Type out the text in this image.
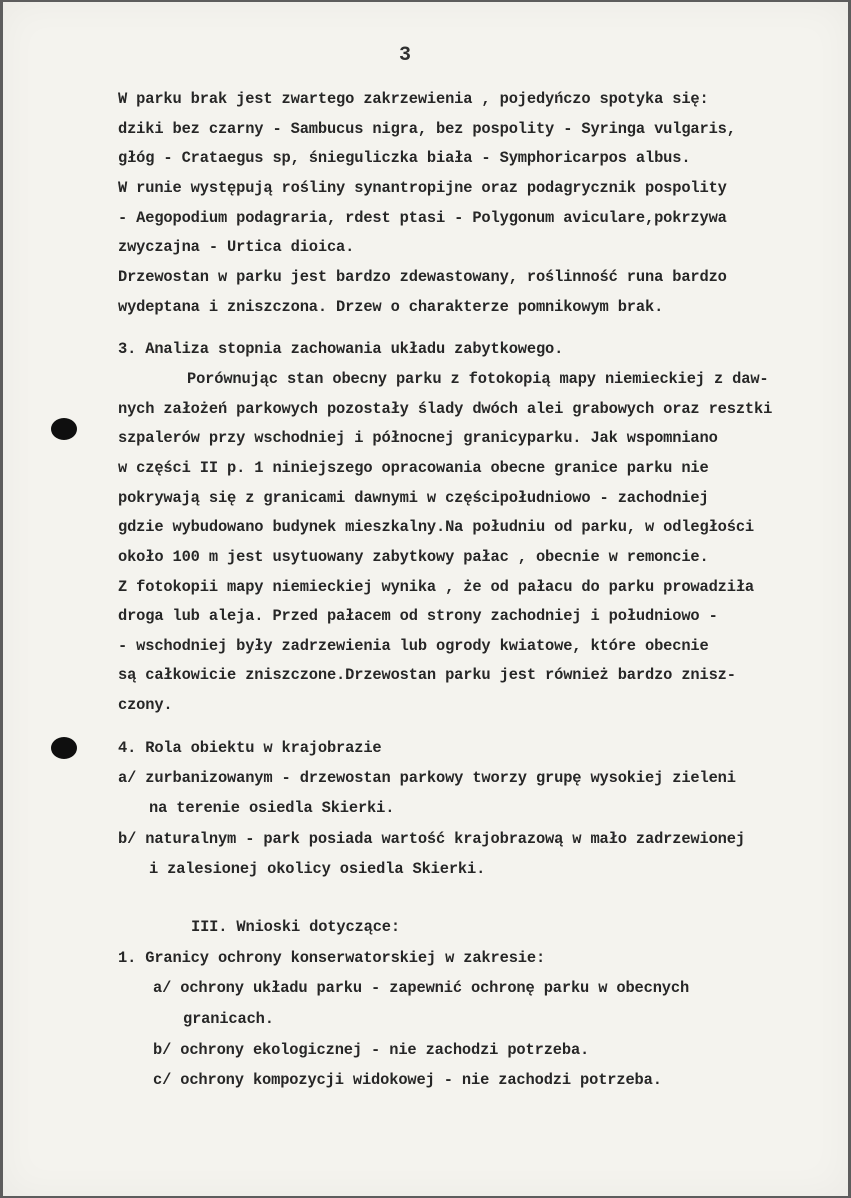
3
W parku brak jest zwartego zakrzewienia , pojedyńczo spotyka się:
dziki bez czarny - Sambucus nigra, bez pospolity - Syringa vulgaris,
głóg - Crataegus sp, śnieguliczka biała - Symphoricarpos albus.
W runie występują rośliny synantropijne oraz podagrycznik pospolity
- Aegopodium podagraria, rdest ptasi - Polygonum aviculare,pokrzywa
zwyczajna - Urtica dioica.
Drzewostan w parku jest bardzo zdewastowany, roślinność runa bardzo
wydeptana i zniszczona. Drzew o charakterze pomnikowym brak.
3. Analiza stopnia zachowania układu zabytkowego.
Porównując stan obecny parku z fotokopią mapy niemieckiej z daw-
nych założeń parkowych pozostały ślady dwóch alei grabowych oraz resztki
szpalerów przy wschodniej i północnej granicyparku. Jak wspomniano
w części II p. 1 niniejszego opracowania obecne granice parku nie
pokrywają się z granicami dawnymi w częścipołudniowo - zachodniej
gdzie wybudowano budynek mieszkalny.Na południu od parku, w odległości
około 100 m jest usytuowany zabytkowy pałac , obecnie w remoncie.
Z fotokopii mapy niemieckiej wynika , że od pałacu do parku prowadziła
droga lub aleja. Przed pałacem od strony zachodniej i południowo -
- wschodniej były zadrzewienia lub ogrody kwiatowe, które obecnie
są całkowicie zniszczone.Drzewostan parku jest również bardzo znisz-
czony.
4. Rola obiektu w krajobrazie
a/ zurbanizowanym - drzewostan parkowy tworzy grupę wysokiej zieleni
na terenie osiedla Skierki.
b/ naturalnym - park posiada wartość krajobrazową w mało zadrzewionej
i zalesionej okolicy osiedla Skierki.
III. Wnioski dotyczące:
1. Granicy ochrony konserwatorskiej w zakresie:
a/ ochrony układu parku - zapewnić ochronę parku w obecnych
granicach.
b/ ochrony ekologicznej - nie zachodzi potrzeba.
c/ ochrony kompozycji widokowej - nie zachodzi potrzeba.
